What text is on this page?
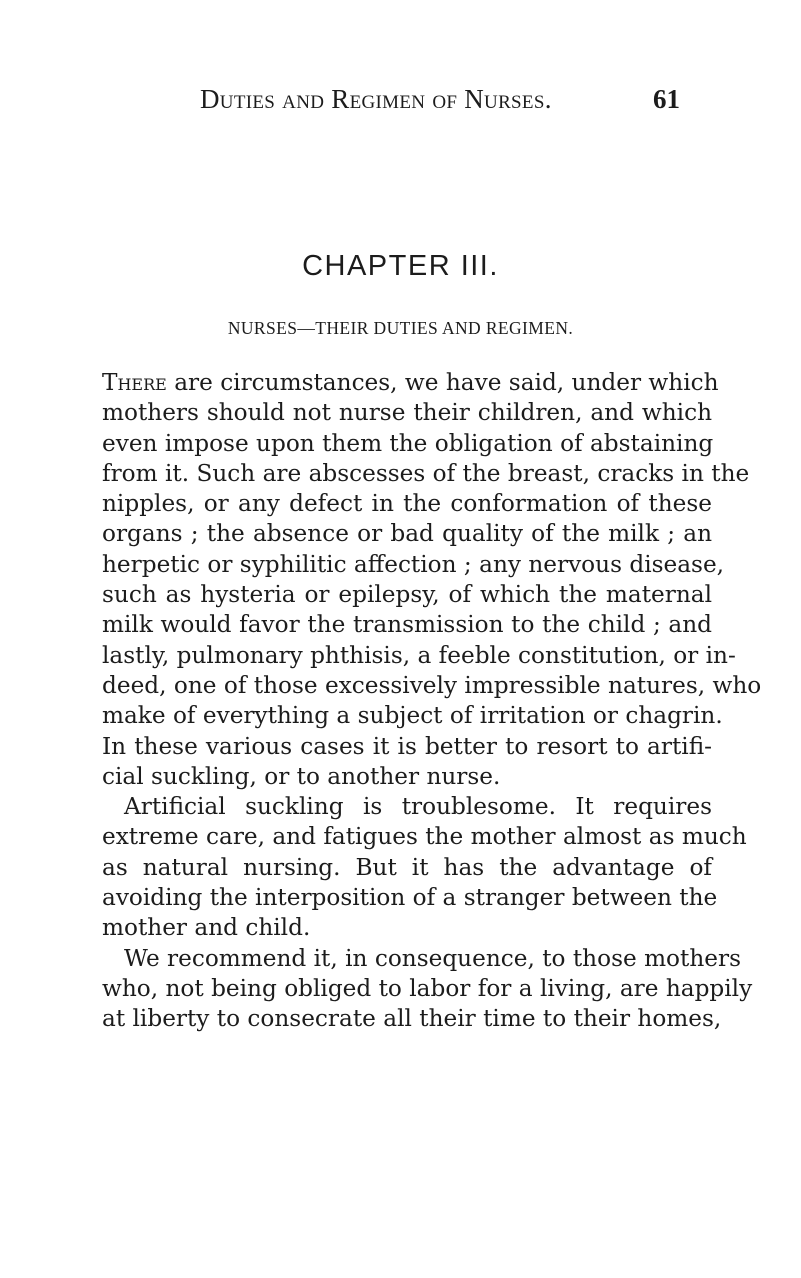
Duties and Regimen of Nurses.	61
CHAPTER III.
NURSES—THEIR DUTIES AND REGIMEN.

There are circumstances, we have said, under which
mothers should not nurse their children, and which
even impose upon them the obligation of abstaining
from it. Such are abscesses of the breast, cracks in the
nipples, or any defect in the conformation of these
organs ; the absence or bad quality of the milk ; an
herpetic or syphilitic affection ; any nervous disease,
such as hysteria or epilepsy, of which the maternal
milk would favor the transmission to the child ; and
lastly, pulmonary phthisis, a feeble constitution, or in-
deed, one of those excessively impressible natures, who
make of everything a subject of irritation or chagrin.
In these various cases it is better to resort to artifi-
cial suckling, or to another nurse.

Artificial suckling is troublesome. It requires
extreme care, and fatigues the mother almost as much
as natural nursing. But it has the advantage of
avoiding the interposition of a stranger between the
mother and child.

We recommend it, in consequence, to those mothers
who, not being obliged to labor for a living, are happily
at liberty to consecrate all their time to their homes,
